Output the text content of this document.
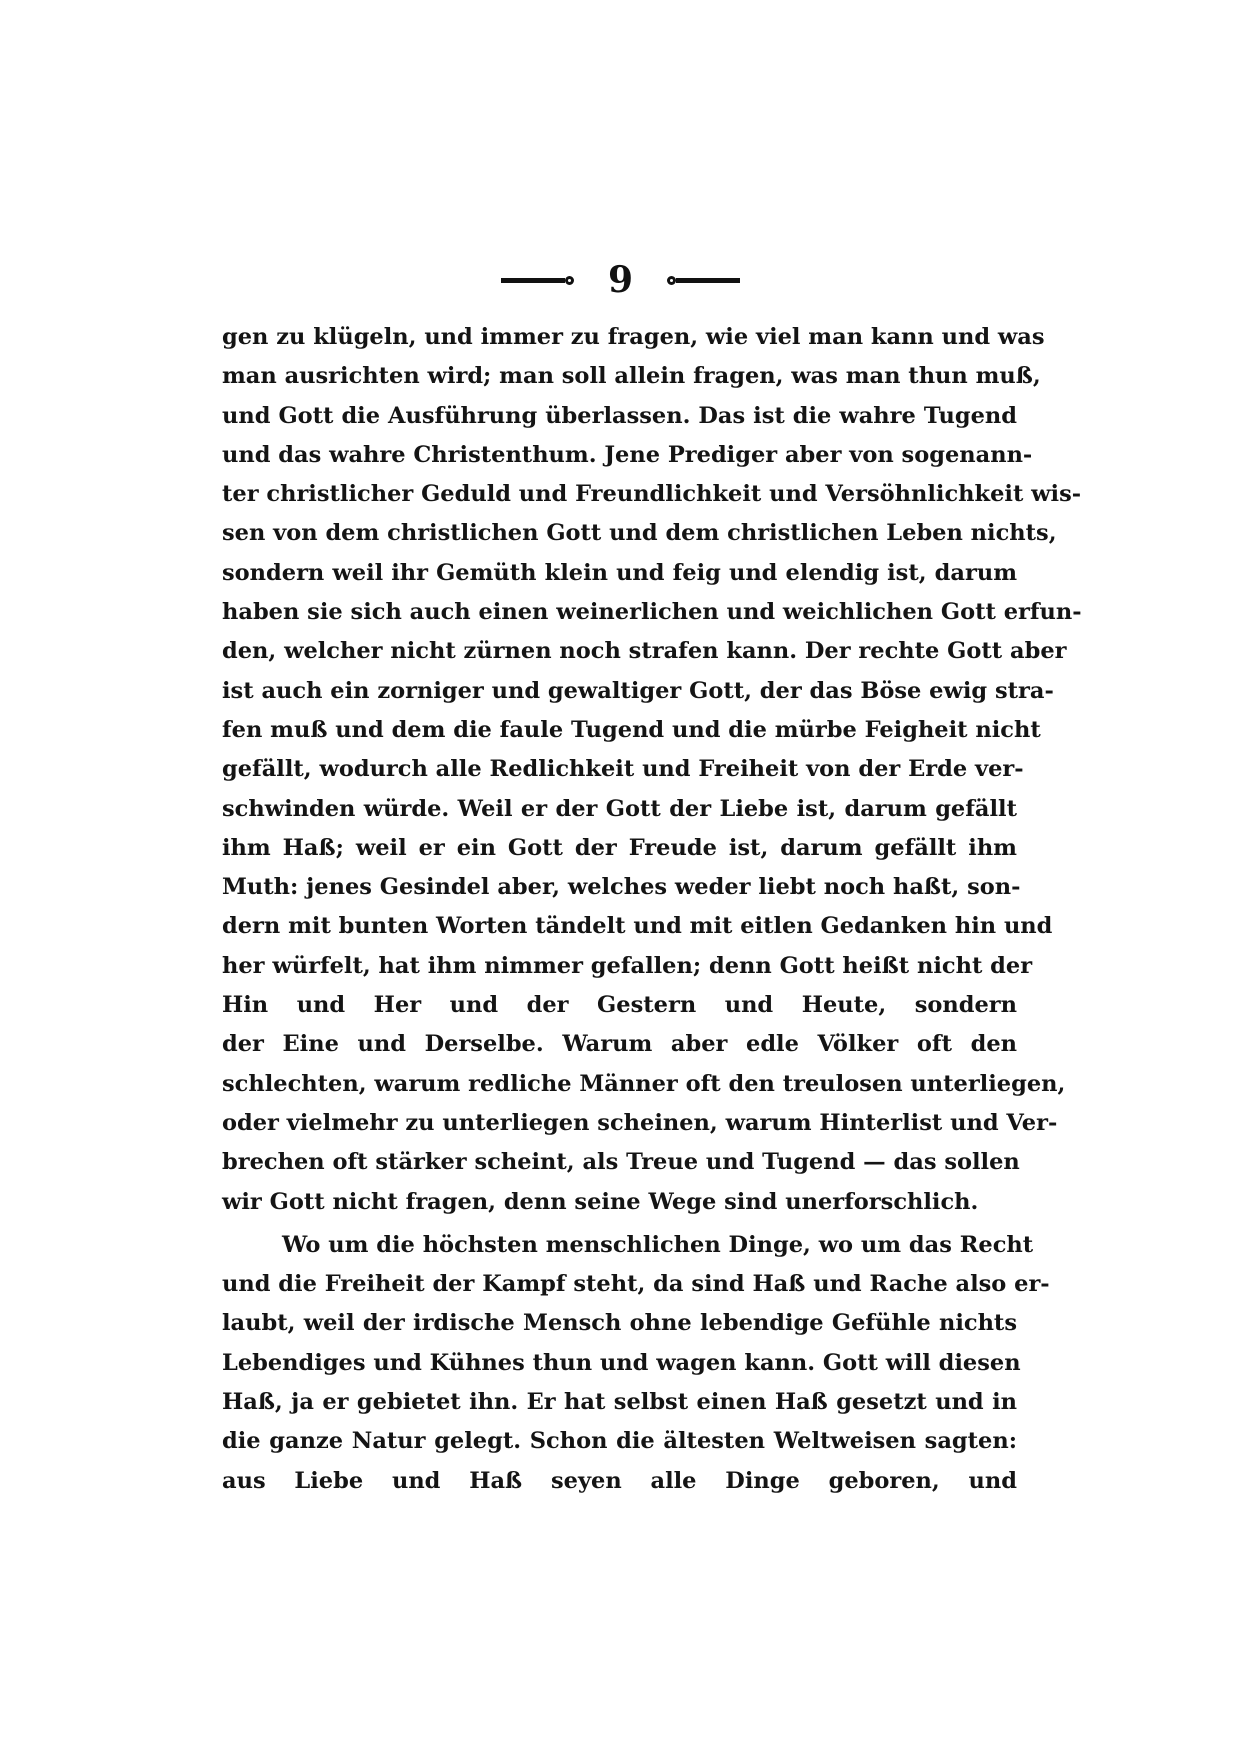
9
gen zu klügeln, und immer zu fragen, wie viel man kann und was
man ausrichten wird; man soll allein fragen, was man thun muß,
und Gott die Ausführung überlassen. Das ist die wahre Tugend
und das wahre Christenthum. Jene Prediger aber von sogenann-
ter christlicher Geduld und Freundlichkeit und Versöhnlichkeit wis-
sen von dem christlichen Gott und dem christlichen Leben nichts,
sondern weil ihr Gemüth klein und feig und elendig ist, darum
haben sie sich auch einen weinerlichen und weichlichen Gott erfun-
den, welcher nicht zürnen noch strafen kann. Der rechte Gott aber
ist auch ein zorniger und gewaltiger Gott, der das Böse ewig stra-
fen muß und dem die faule Tugend und die mürbe Feigheit nicht
gefällt, wodurch alle Redlichkeit und Freiheit von der Erde ver-
schwinden würde. Weil er der Gott der Liebe ist, darum gefällt
ihm Haß; weil er ein Gott der Freude ist, darum gefällt ihm
Muth: jenes Gesindel aber, welches weder liebt noch haßt, son-
dern mit bunten Worten tändelt und mit eitlen Gedanken hin und
her würfelt, hat ihm nimmer gefallen; denn Gott heißt nicht der
Hin und Her und der Gestern und Heute, sondern
der Eine und Derselbe. Warum aber edle Völker oft den
schlechten, warum redliche Männer oft den treulosen unterliegen,
oder vielmehr zu unterliegen scheinen, warum Hinterlist und Ver-
brechen oft stärker scheint, als Treue und Tugend — das sollen
wir Gott nicht fragen, denn seine Wege sind unerforschlich.
Wo um die höchsten menschlichen Dinge, wo um das Recht
und die Freiheit der Kampf steht, da sind Haß und Rache also er-
laubt, weil der irdische Mensch ohne lebendige Gefühle nichts
Lebendiges und Kühnes thun und wagen kann. Gott will diesen
Haß, ja er gebietet ihn. Er hat selbst einen Haß gesetzt und in
die ganze Natur gelegt. Schon die ältesten Weltweisen sagten:
aus Liebe und Haß seyen alle Dinge geboren, und
